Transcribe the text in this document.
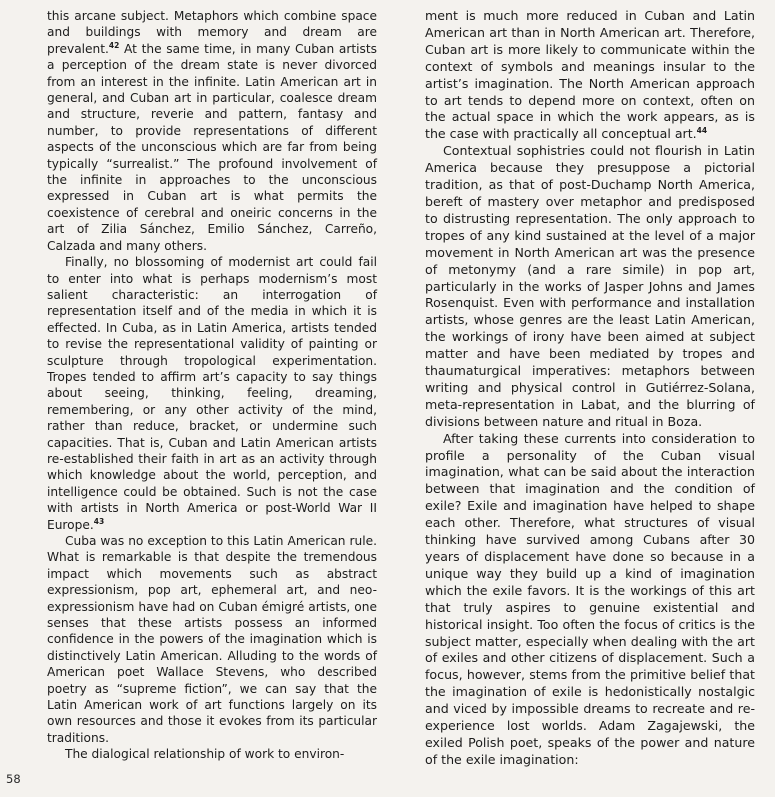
this arcane subject. Metaphors which combine space and buildings with memory and dream are prevalent.$^{42}$ At the same time, in many Cuban artists a perception of the dream state is never divorced from an interest in the infinite. Latin American art in general, and Cuban art in particular, coalesce dream and structure, reverie and pattern, fantasy and number, to provide representations of different aspects of the unconscious which are far from being typically “surrealist.” The profound involvement of the infinite in approaches to the unconscious expressed in Cuban art is what permits the coexistence of cerebral and oneiric concerns in the art of Zilia Sánchez, Emilio Sánchez, Carreño, Calzada and many others.

Finally, no blossoming of modernist art could fail to enter into what is perhaps modernism’s most salient characteristic: an interrogation of representation itself and of the media in which it is effected. In Cuba, as in Latin America, artists tended to revise the representational validity of painting or sculpture through tropological experimentation. Tropes tended to affirm art’s capacity to say things about seeing, thinking, feeling, dreaming, remembering, or any other activity of the mind, rather than reduce, bracket, or undermine such capacities. That is, Cuban and Latin American artists re-established their faith in art as an activity through which knowledge about the world, perception, and intelligence could be obtained. Such is not the case with artists in North America or post-World War II Europe.$^{43}$

Cuba was no exception to this Latin American rule. What is remarkable is that despite the tremendous impact which movements such as abstract expressionism, pop art, ephemeral art, and neo-expressionism have had on Cuban émigré artists, one senses that these artists possess an informed confidence in the powers of the imagination which is distinctively Latin American. Alluding to the words of American poet Wallace Stevens, who described poetry as “supreme fiction”, we can say that the Latin American work of art functions largely on its own resources and those it evokes from its particular traditions.

The dialogical relationship of work to environ-

ment is much more reduced in Cuban and Latin American art than in North American art. Therefore, Cuban art is more likely to communicate within the context of symbols and meanings insular to the artist’s imagination. The North American approach to art tends to depend more on context, often on the actual space in which the work appears, as is the case with practically all conceptual art.$^{44}$

Contextual sophistries could not flourish in Latin America because they presuppose a pictorial tradition, as that of post-Duchamp North America, bereft of mastery over metaphor and predisposed to distrusting representation. The only approach to tropes of any kind sustained at the level of a major movement in North American art was the presence of metonymy (and a rare simile) in pop art, particularly in the works of Jasper Johns and James Rosenquist. Even with performance and installation artists, whose genres are the least Latin American, the workings of irony have been aimed at subject matter and have been mediated by tropes and thaumaturgical imperatives: metaphors between writing and physical control in Gutiérrez-Solana, meta-representation in Labat, and the blurring of divisions between nature and ritual in Boza.

After taking these currents into consideration to profile a personality of the Cuban visual imagination, what can be said about the interaction between that imagination and the condition of exile? Exile and imagination have helped to shape each other. Therefore, what structures of visual thinking have survived among Cubans after 30 years of displacement have done so because in a unique way they build up a kind of imagination which the exile favors. It is the workings of this art that truly aspires to genuine existential and historical insight. Too often the focus of critics is the subject matter, especially when dealing with the art of exiles and other citizens of displacement. Such a focus, however, stems from the primitive belief that the imagination of exile is hedonistically nostalgic and viced by impossible dreams to recreate and re-experience lost worlds. Adam Zagajewski, the exiled Polish poet, speaks of the power and nature of the exile imagination:

58
